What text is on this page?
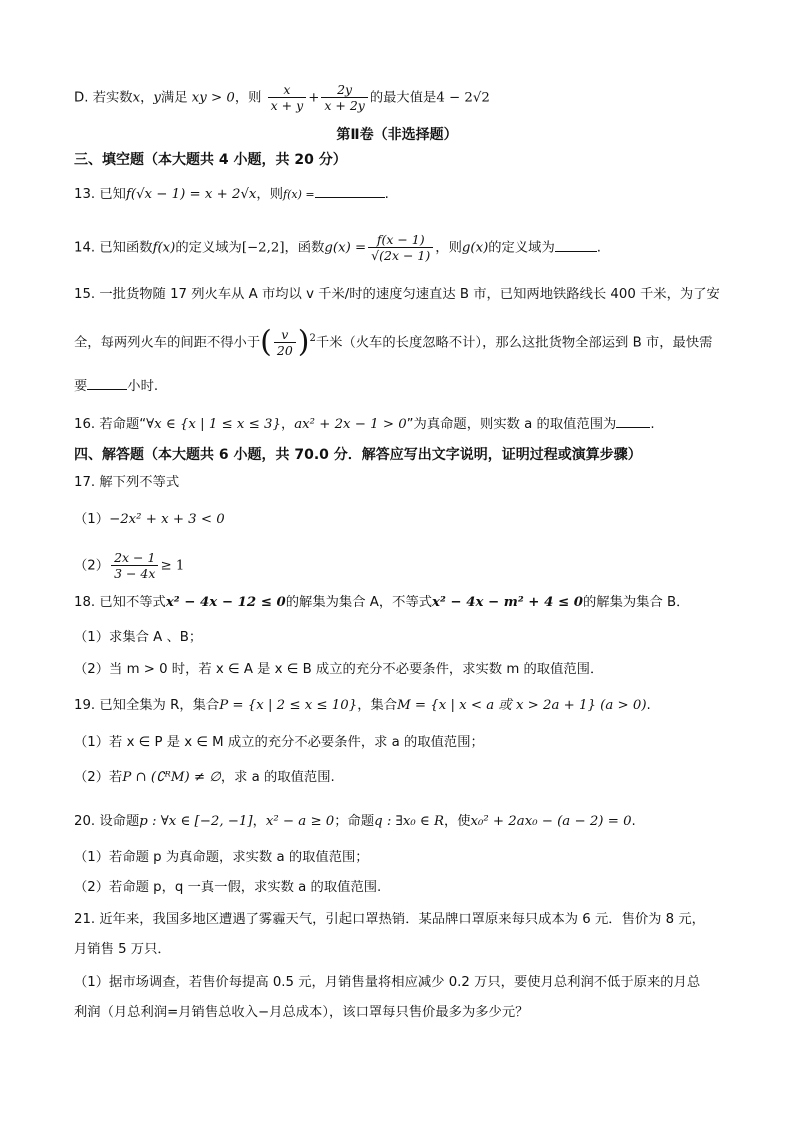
D. 若实数x，y满足 xy > 0，则 $\frac{x}{x + y} + \frac{2y}{x + 2y}$ 的最大值是4 − 2√2
第Ⅱ卷（非选择题）
三、填空题（本大题共 4 小题，共 20 分）
13. 已知f(√x − 1) = x + 2√x，则f(x) =	.
14. 已知函数f(x)的定义域为[−2,2]，函数$g(x) = \frac{f(x - 1)}{√(2x - 1)}$ ，则g(x)的定义域为	.
15. 一批货物随 17 列火车从 A 市均以 v 千米/时的速度匀速直达 B 市，已知两地铁路线长 400 千米，为了安
全，每两列火车的间距不得小于( $\frac{v}{20} )^2$千米（火车的长度忽略不计），那么这批货物全部运到 B 市，最快需
要	小时.
16. 若命题“∀x ∈ {x | 1 ≤ x ≤ 3}，ax² + 2x − 1 > 0”为真命题，则实数 a 的取值范围为	.
四、解答题（本大题共 6 小题，共 70.0 分．解答应写出文字说明，证明过程或演算步骤）
17. 解下列不等式
（1）−2x² + x + 3 < 0
$(2) \frac{2x - 1}{3 - 4x} \ge 1$
18. 已知不等式x² − 4x − 12 ≤ 0的解集为集合 A，不等式x² − 4x − m² + 4 ≤ 0的解集为集合 B．
（1）求集合 A 、B；
（2）当 m > 0 时，若 x ∈ A 是 x ∈ B 成立的充分不必要条件，求实数 m 的取值范围．
19. 已知全集为 R，集合P = {x | 2 ≤ x ≤ 10}，集合M = {x | x < a 或 x > 2a + 1} (a > 0).
（1）若 x ∈ P 是 x ∈ M 成立的充分不必要条件，求 a 的取值范围；
（2）若P ∩ (∁ᴿM) ≠ ∅，求 a 的取值范围.
20. 设命题p : ∀x ∈ [−2, −1]，x² − a ≥ 0；命题q : ∃x₀ ∈ R，使x₀² + 2ax₀ − (a − 2) = 0.
（1）若命题 p 为真命题，求实数 a 的取值范围；
（2）若命题 p，q 一真一假，求实数 a 的取值范围.
21. 近年来，我国多地区遭遇了雾霾天气，引起口罩热销．某品牌口罩原来每只成本为 6 元．售价为 8 元，
月销售 5 万只．
（1）据市场调查，若售价每提高 0.5 元，月销售量将相应减少 0.2 万只，要使月总利润不低于原来的月总
利润（月总利润=月销售总收入−月总成本），该口罩每只售价最多为多少元？
